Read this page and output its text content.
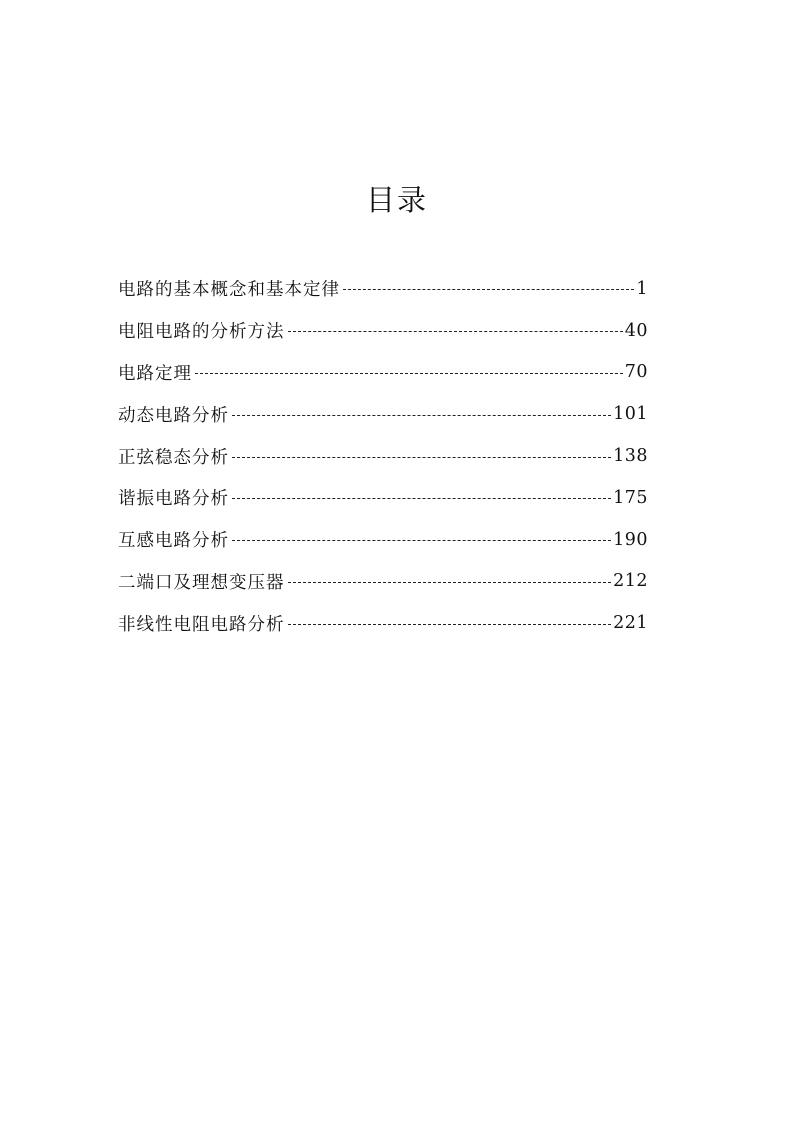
目录
电路的基本概念和基本定律	1
电阻电路的分析方法	40
电路定理	70
动态电路分析	101
正弦稳态分析	138
谐振电路分析	175
互感电路分析	190
二端口及理想变压器	212
非线性电阻电路分析	221
